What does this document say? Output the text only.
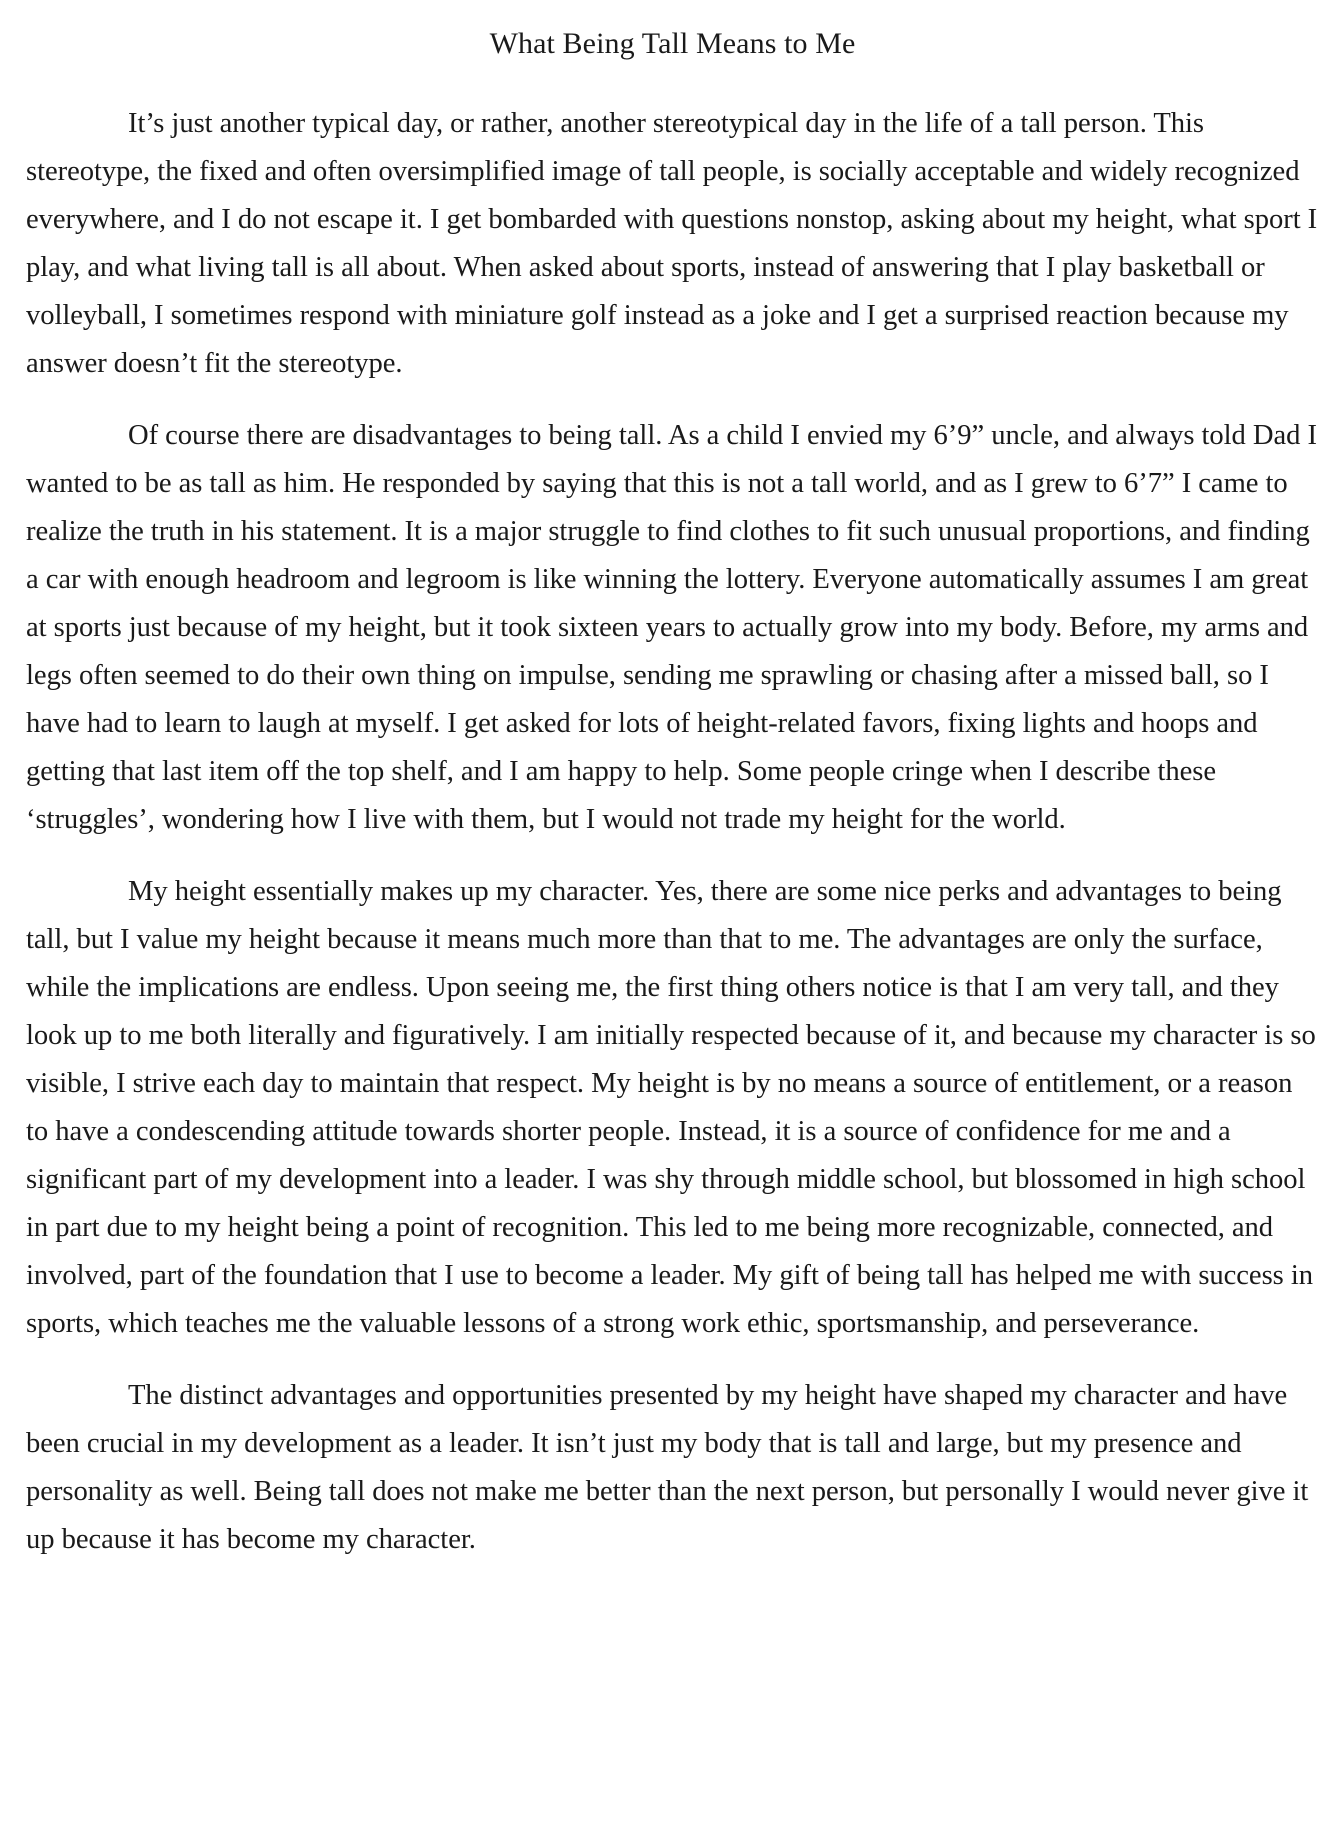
What Being Tall Means to Me

It’s just another typical day, or rather, another stereotypical day in the life of a tall person. This stereotype, the fixed and often oversimplified image of tall people, is socially acceptable and widely recognized everywhere, and I do not escape it. I get bombarded with questions nonstop, asking about my height, what sport I play, and what living tall is all about. When asked about sports, instead of answering that I play basketball or volleyball, I sometimes respond with miniature golf instead as a joke and I get a surprised reaction because my answer doesn’t fit the stereotype.

Of course there are disadvantages to being tall. As a child I envied my 6’9” uncle, and always told Dad I wanted to be as tall as him. He responded by saying that this is not a tall world, and as I grew to 6’7” I came to realize the truth in his statement. It is a major struggle to find clothes to fit such unusual proportions, and finding a car with enough headroom and legroom is like winning the lottery. Everyone automatically assumes I am great at sports just because of my height, but it took sixteen years to actually grow into my body. Before, my arms and legs often seemed to do their own thing on impulse, sending me sprawling or chasing after a missed ball, so I have had to learn to laugh at myself. I get asked for lots of height-related favors, fixing lights and hoops and getting that last item off the top shelf, and I am happy to help. Some people cringe when I describe these ‘struggles’, wondering how I live with them, but I would not trade my height for the world.

My height essentially makes up my character. Yes, there are some nice perks and advantages to being tall, but I value my height because it means much more than that to me. The advantages are only the surface, while the implications are endless. Upon seeing me, the first thing others notice is that I am very tall, and they look up to me both literally and figuratively. I am initially respected because of it, and because my character is so visible, I strive each day to maintain that respect. My height is by no means a source of entitlement, or a reason to have a condescending attitude towards shorter people. Instead, it is a source of confidence for me and a significant part of my development into a leader. I was shy through middle school, but blossomed in high school in part due to my height being a point of recognition. This led to me being more recognizable, connected, and involved, part of the foundation that I use to become a leader. My gift of being tall has helped me with success in sports, which teaches me the valuable lessons of a strong work ethic, sportsmanship, and perseverance.

The distinct advantages and opportunities presented by my height have shaped my character and have been crucial in my development as a leader. It isn’t just my body that is tall and large, but my presence and personality as well. Being tall does not make me better than the next person, but personally I would never give it up because it has become my character.
